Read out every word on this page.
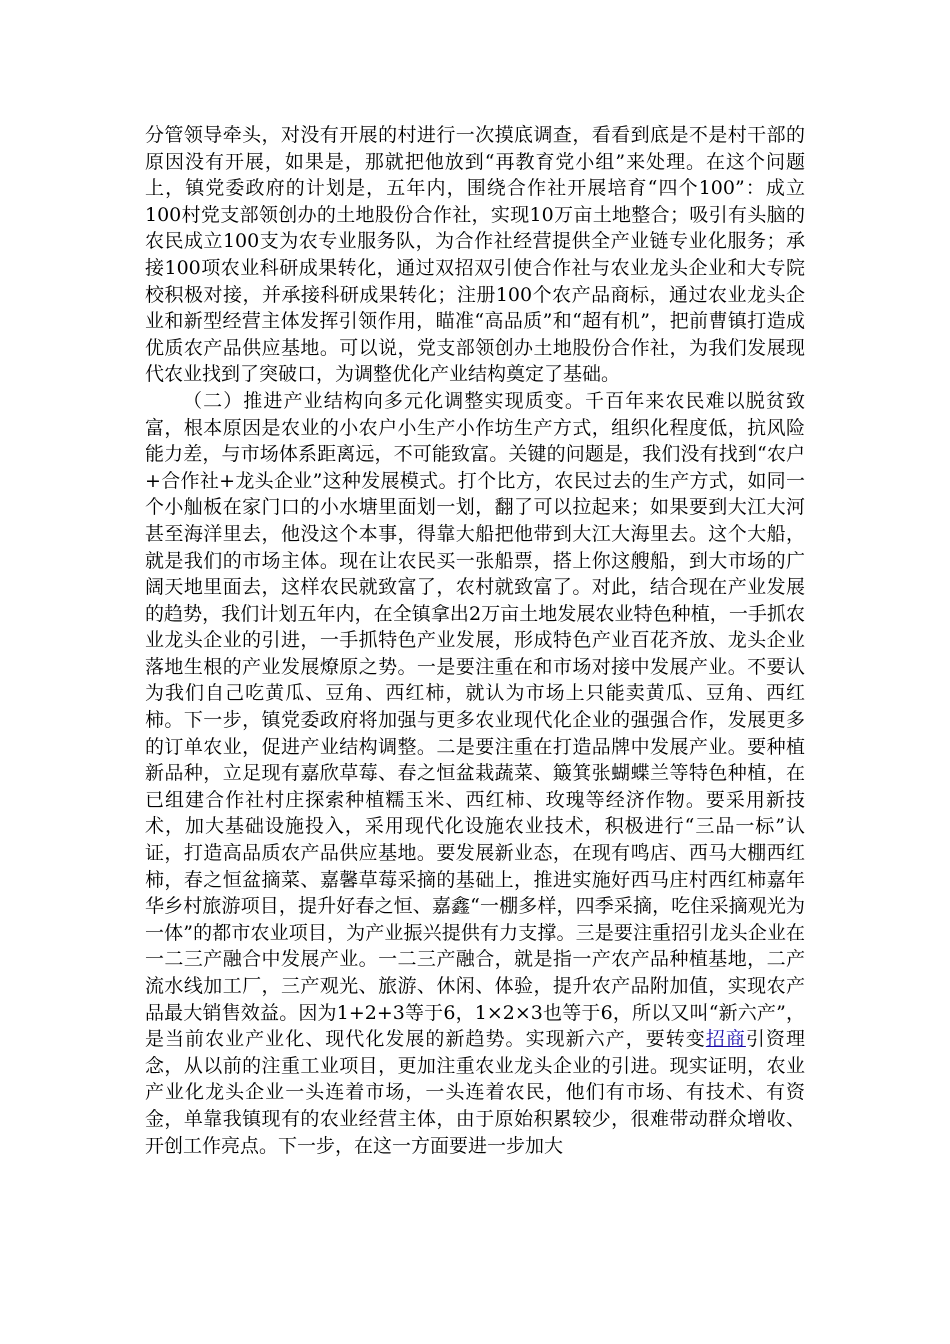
分管领导牵头，对没有开展的村进行一次摸底调查，看看到底是不是村干部的原因没有开展，如果是，那就把他放到“再教育党小组”来处理。在这个问题上，镇党委政府的计划是，五年内，围绕合作社开展培育“四个100”：成立100村党支部领创办的土地股份合作社，实现10万亩土地整合；吸引有头脑的农民成立100支为农专业服务队，为合作社经营提供全产业链专业化服务；承接100项农业科研成果转化，通过双招双引使合作社与农业龙头企业和大专院校积极对接，并承接科研成果转化；注册100个农产品商标，通过农业龙头企业和新型经营主体发挥引领作用，瞄准“高品质”和“超有机”，把前曹镇打造成优质农产品供应基地。可以说，党支部领创办土地股份合作社，为我们发展现代农业找到了突破口，为调整优化产业结构奠定了基础。

（二）推进产业结构向多元化调整实现质变。千百年来农民难以脱贫致富，根本原因是农业的小农户小生产小作坊生产方式，组织化程度低，抗风险能力差，与市场体系距离远，不可能致富。关键的问题是，我们没有找到“农户+合作社+龙头企业”这种发展模式。打个比方，农民过去的生产方式，如同一个小舢板在家门口的小水塘里面划一划，翻了可以拉起来；如果要到大江大河甚至海洋里去，他没这个本事，得靠大船把他带到大江大海里去。这个大船，就是我们的市场主体。现在让农民买一张船票，搭上你这艘船，到大市场的广阔天地里面去，这样农民就致富了，农村就致富了。对此，结合现在产业发展的趋势，我们计划五年内，在全镇拿出2万亩土地发展农业特色种植，一手抓农业龙头企业的引进，一手抓特色产业发展，形成特色产业百花齐放、龙头企业落地生根的产业发展燎原之势。一是要注重在和市场对接中发展产业。不要认为我们自己吃黄瓜、豆角、西红柿，就认为市场上只能卖黄瓜、豆角、西红柿。下一步，镇党委政府将加强与更多农业现代化企业的强强合作，发展更多的订单农业，促进产业结构调整。二是要注重在打造品牌中发展产业。要种植新品种，立足现有嘉欣草莓、春之恒盆栽蔬菜、簸箕张蝴蝶兰等特色种植，在已组建合作社村庄探索种植糯玉米、西红柿、玫瑰等经济作物。要采用新技术，加大基础设施投入，采用现代化设施农业技术，积极进行“三品一标”认证，打造高品质农产品供应基地。要发展新业态，在现有鸣店、西马大棚西红柿，春之恒盆摘菜、嘉馨草莓采摘的基础上，推进实施好西马庄村西红柿嘉年华乡村旅游项目，提升好春之恒、嘉鑫“一棚多样，四季采摘，吃住采摘观光为一体”的都市农业项目，为产业振兴提供有力支撑。三是要注重招引龙头企业在一二三产融合中发展产业。一二三产融合，就是指一产农产品种植基地，二产流水线加工厂，三产观光、旅游、休闲、体验，提升农产品附加值，实现农产品最大销售效益。因为1+2+3等于6，1×2×3也等于6，所以又叫“新六产”，是当前农业产业化、现代化发展的新趋势。实现新六产，要转变招商引资理念，从以前的注重工业项目，更加注重农业龙头企业的引进。现实证明，农业产业化龙头企业一头连着市场，一头连着农民，他们有市场、有技术、有资金，单靠我镇现有的农业经营主体，由于原始积累较少，很难带动群众增收、开创工作亮点。下一步，在这一方面要进一步加大
